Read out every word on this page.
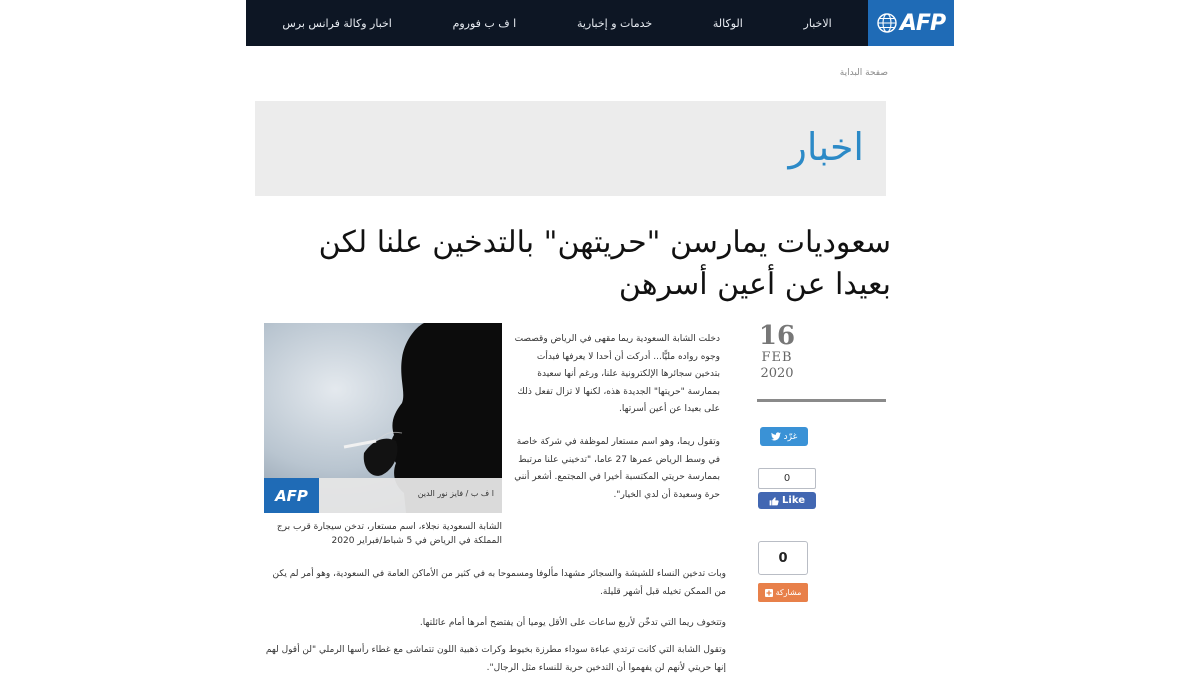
AFP
الاخبار
الوكالة
خدمات و إخبارية
ا ف ب فوروم
اخبار وكالة فرانس برس
صفحة البداية
اخبار
سعوديات يمارسن "حريتهن" بالتدخين علنا لكن بعيدا عن أعين أسرهن
16
FEB
2020
غرّد
0
Like
0
مشاركة
AFP	ا ف ب / فايز نور الدين
الشابة السعودية نجلاء، اسم مستعار، تدخن سيجارة قرب برج المملكة في الرياض في 5 شباط/فبراير 2020

دخلت الشابة السعودية ريما مقهى في الرياض وقصصت وجوه رواده مليًّا... أدركت أن أحدا لا يعرفها فبدأت بتدخين سجائرها الإلكترونية علنا، ورغم أنها سعيدة بممارسة "حريتها" الجديدة هذه، لكنها لا تزال تفعل ذلك على بعيدا عن أعين أسرتها.

وتقول ريما، وهو اسم مستعار لموظفة في شركة خاصة في وسط الرياض عمرها 27 عاما، "تدخيني علنا مرتبط بممارسة حريتي المكتسبة أخيرا في المجتمع. أشعر أنني حرة وسعيدة أن لدي الخيار".

وبات تدخين النساء للشيشة والسجائر مشهدا مألوفا ومسموحا به في كثير من الأماكن العامة في السعودية، وهو أمر لم يكن من الممكن تخيله قبل أشهر قليلة.

وتتخوف ريما التي تدخّن لأربع ساعات على الأقل يوميا أن يفتضح أمرها أمام عائلتها.

وتقول الشابة التي كانت ترتدي عباءة سوداء مطرزة بخيوط وكرات ذهبية اللون تتماشى مع غطاء رأسها الرملي "لن أقول لهم إنها حريتي لأنهم لن يفهموا أن التدخين حرية للنساء مثل الرجال".
